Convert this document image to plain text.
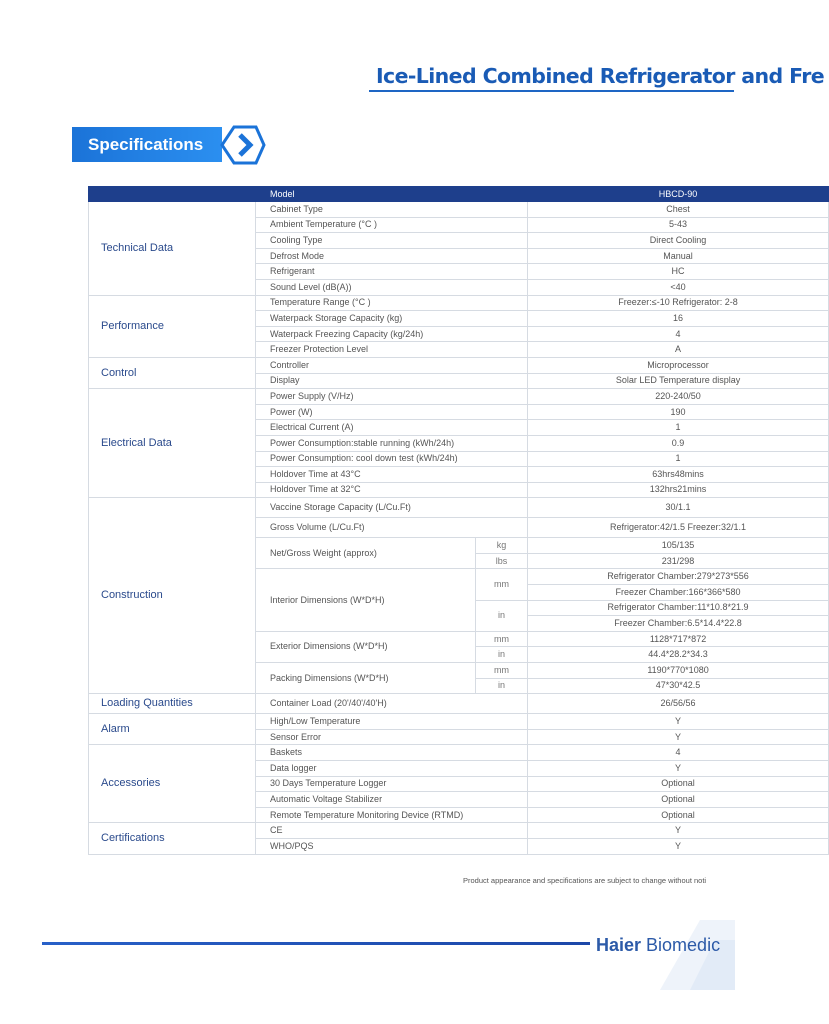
Ice-Lined Combined Refrigerator and Fre
Specifications
	Model		HBCD-90
Technical Data	Cabinet Type		Chest
	Ambient Temperature (°C )		5-43
	Cooling Type		Direct Cooling
	Defrost Mode		Manual
	Refrigerant		HC
	Sound Level (dB(A))		<40
Performance	Temperature Range (°C )		Freezer:≤-10 Refrigerator: 2-8
	Waterpack Storage Capacity (kg)		16
	Waterpack Freezing Capacity (kg/24h)		4
	Freezer Protection Level		A
Control	Controller		Microprocessor
	Display		Solar LED Temperature display
Electrical Data	Power Supply (V/Hz)		220-240/50
	Power (W)		190
	Electrical Current (A)		1
	Power Consumption:stable running (kWh/24h)		0.9
	Power Consumption: cool down test (kWh/24h)		1
	Holdover Time at 43°C		63hrs48mins
	Holdover Time at 32°C		132hrs21mins
Construction	Vaccine Storage Capacity (L/Cu.Ft)		30/1.1
	Gross Volume (L/Cu.Ft)		Refrigerator:42/1.5 Freezer:32/1.1
	Net/Gross Weight (approx)	kg	105/135
		lbs	231/298
	Interior Dimensions (W*D*H)	mm	Refrigerator Chamber:279*273*556
			Freezer Chamber:166*366*580
		in	Refrigerator Chamber:11*10.8*21.9
			Freezer Chamber:6.5*14.4*22.8
	Exterior Dimensions (W*D*H)	mm	1128*717*872
		in	44.4*28.2*34.3
	Packing Dimensions (W*D*H)	mm	1190*770*1080
		in	47*30*42.5
Loading Quantities	Container Load (20'/40'/40'H)		26/56/56
Alarm	High/Low Temperature		Y
	Sensor Error		Y
Accessories	Baskets		4
	Data logger		Y
	30 Days Temperature Logger		Optional
	Automatic Voltage Stabilizer		Optional
	Remote Temperature Monitoring Device (RTMD)		Optional
Certifications	CE		Y
	WHO/PQS		Y
Product appearance and specifications are subject to change without noti
Haier Biomedic
